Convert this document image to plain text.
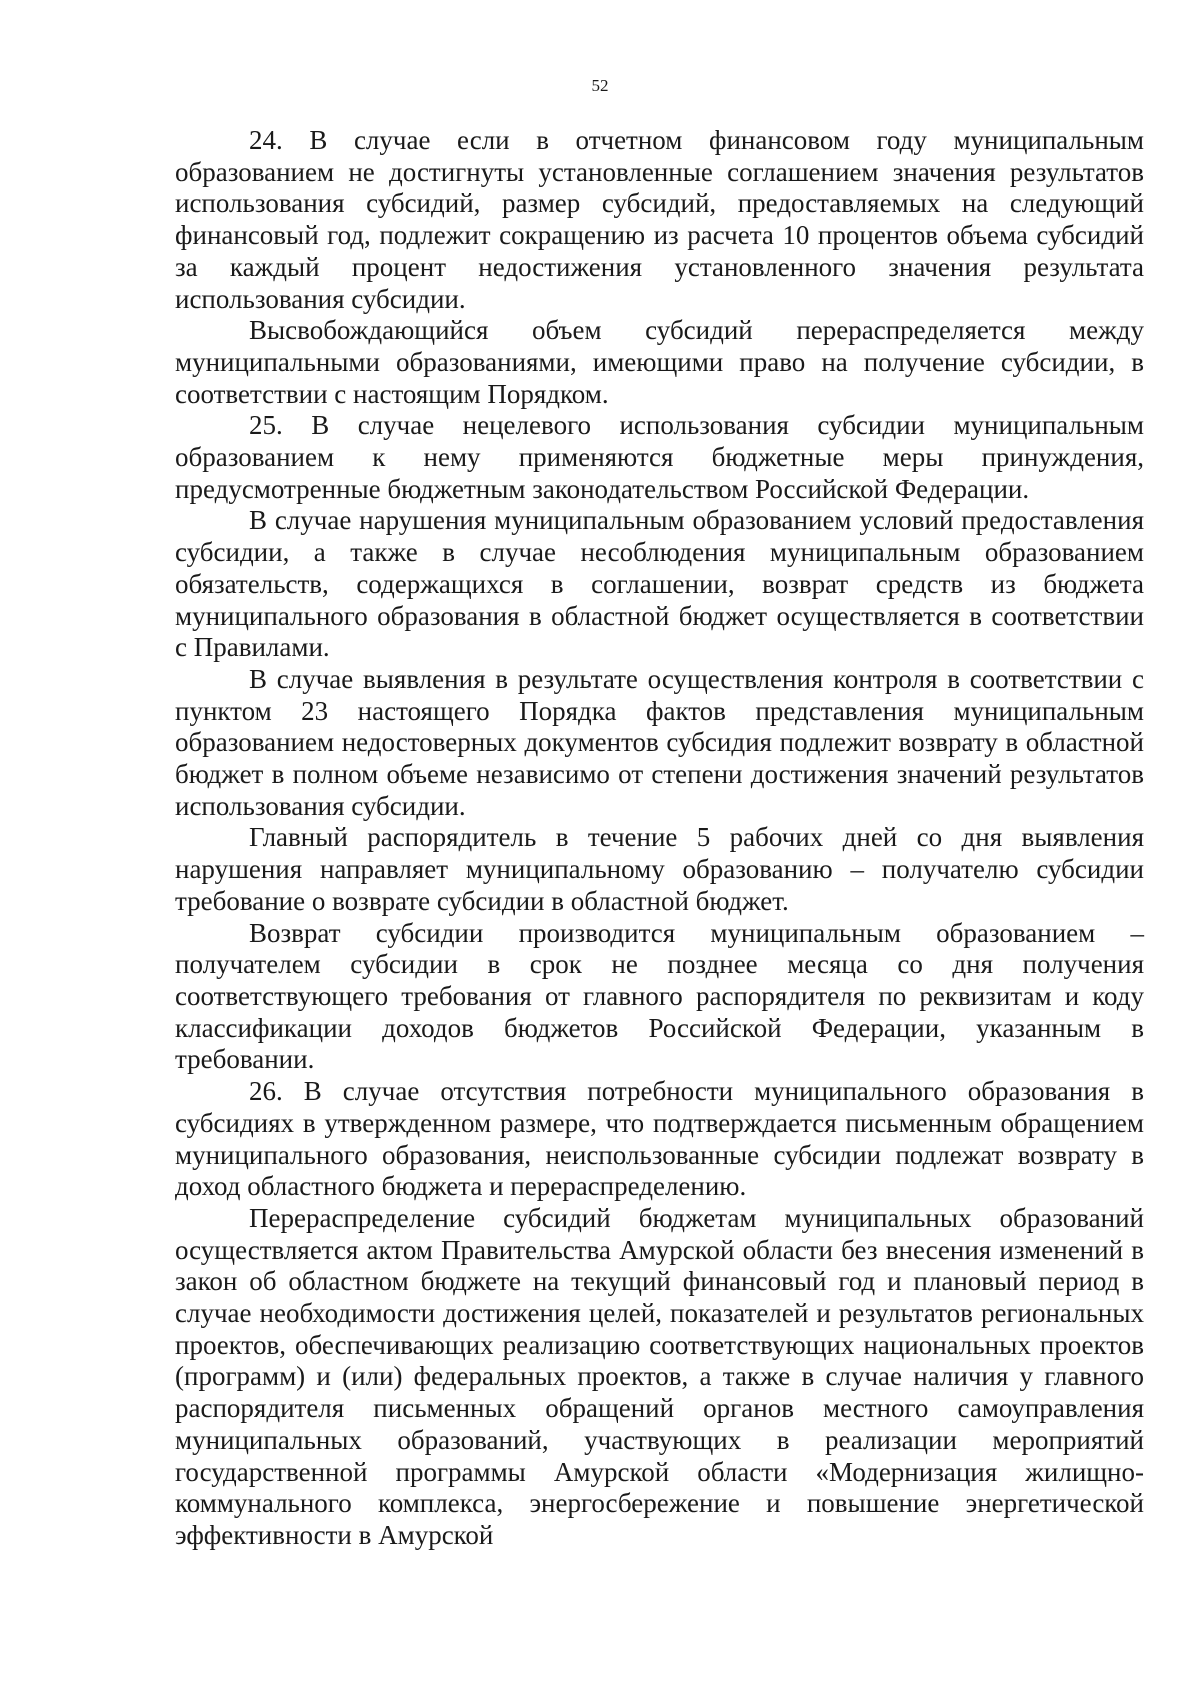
52

24. В случае если в отчетном финансовом году муниципальным образованием не достигнуты установленные соглашением значения результатов использования субсидий, размер субсидий, предоставляемых на следующий финансовый год, подлежит сокращению из расчета 10 процентов объема субсидий за каждый процент недостижения установленного значения результата использования субсидии.

Высвобождающийся объем субсидий перераспределяется между муниципальными образованиями, имеющими право на получение субсидии, в соответствии с настоящим Порядком.

25. В случае нецелевого использования субсидии муниципальным образованием к нему применяются бюджетные меры принуждения, предусмотренные бюджетным законодательством Российской Федерации.

В случае нарушения муниципальным образованием условий предоставления субсидии, а также в случае несоблюдения муниципальным образованием обязательств, содержащихся в соглашении, возврат средств из бюджета муниципального образования в областной бюджет осуществляется в соответствии с Правилами.

В случае выявления в результате осуществления контроля в соответствии с пунктом 23 настоящего Порядка фактов представления муниципальным образованием недостоверных документов субсидия подлежит возврату в областной бюджет в полном объеме независимо от степени достижения значений результатов использования субсидии.

Главный распорядитель в течение 5 рабочих дней со дня выявления нарушения направляет муниципальному образованию – получателю субсидии требование о возврате субсидии в областной бюджет.

Возврат субсидии производится муниципальным образованием – получателем субсидии в срок не позднее месяца со дня получения соответствующего требования от главного распорядителя по реквизитам и коду классификации доходов бюджетов Российской Федерации, указанным в требовании.

26. В случае отсутствия потребности муниципального образования в субсидиях в утвержденном размере, что подтверждается письменным обращением муниципального образования, неиспользованные субсидии подлежат возврату в доход областного бюджета и перераспределению.

Перераспределение субсидий бюджетам муниципальных образований осуществляется актом Правительства Амурской области без внесения изменений в закон об областном бюджете на текущий финансовый год и плановый период в случае необходимости достижения целей, показателей и результатов региональных проектов, обеспечивающих реализацию соответствующих национальных проектов (программ) и (или) федеральных проектов, а также в случае наличия у главного распорядителя письменных обращений органов местного самоуправления муниципальных образований, участвующих в реализации мероприятий государственной программы Амурской области «Модернизация жилищно-коммунального комплекса, энергосбережение и повышение энергетической эффективности в Амурской
